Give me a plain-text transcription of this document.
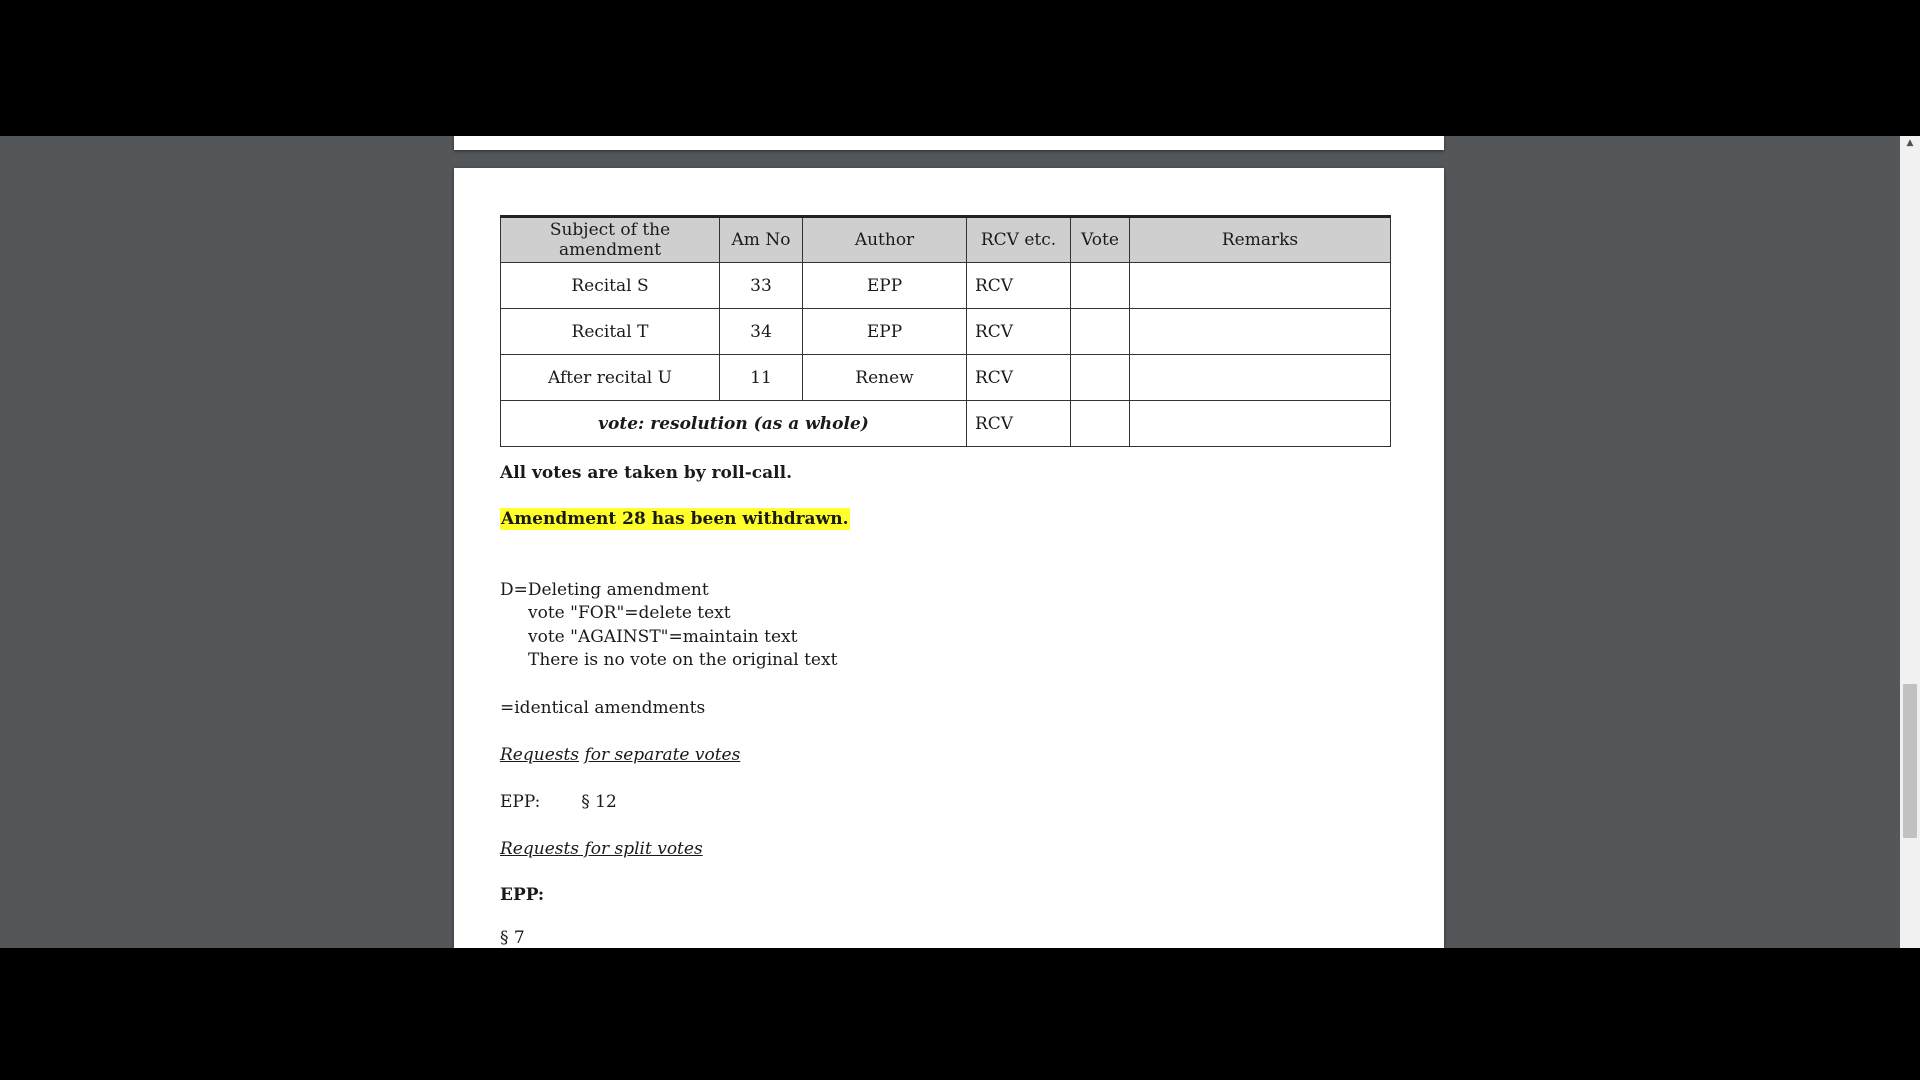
Subject of the amendment	Am No	Author	RCV etc.	Vote	Remarks
Recital S	33	EPP	RCV		
Recital T	34	EPP	RCV		
After recital U	11	Renew	RCV		
vote: resolution (as a whole)			RCV		
All votes are taken by roll-call.
Amendment 28 has been withdrawn.
D=Deleting amendment
vote "FOR"=delete text
vote "AGAINST"=maintain text
There is no vote on the original text
=identical amendments
Requests for separate votes
EPP: § 12
Requests for split votes
EPP:
§ 7
▲
